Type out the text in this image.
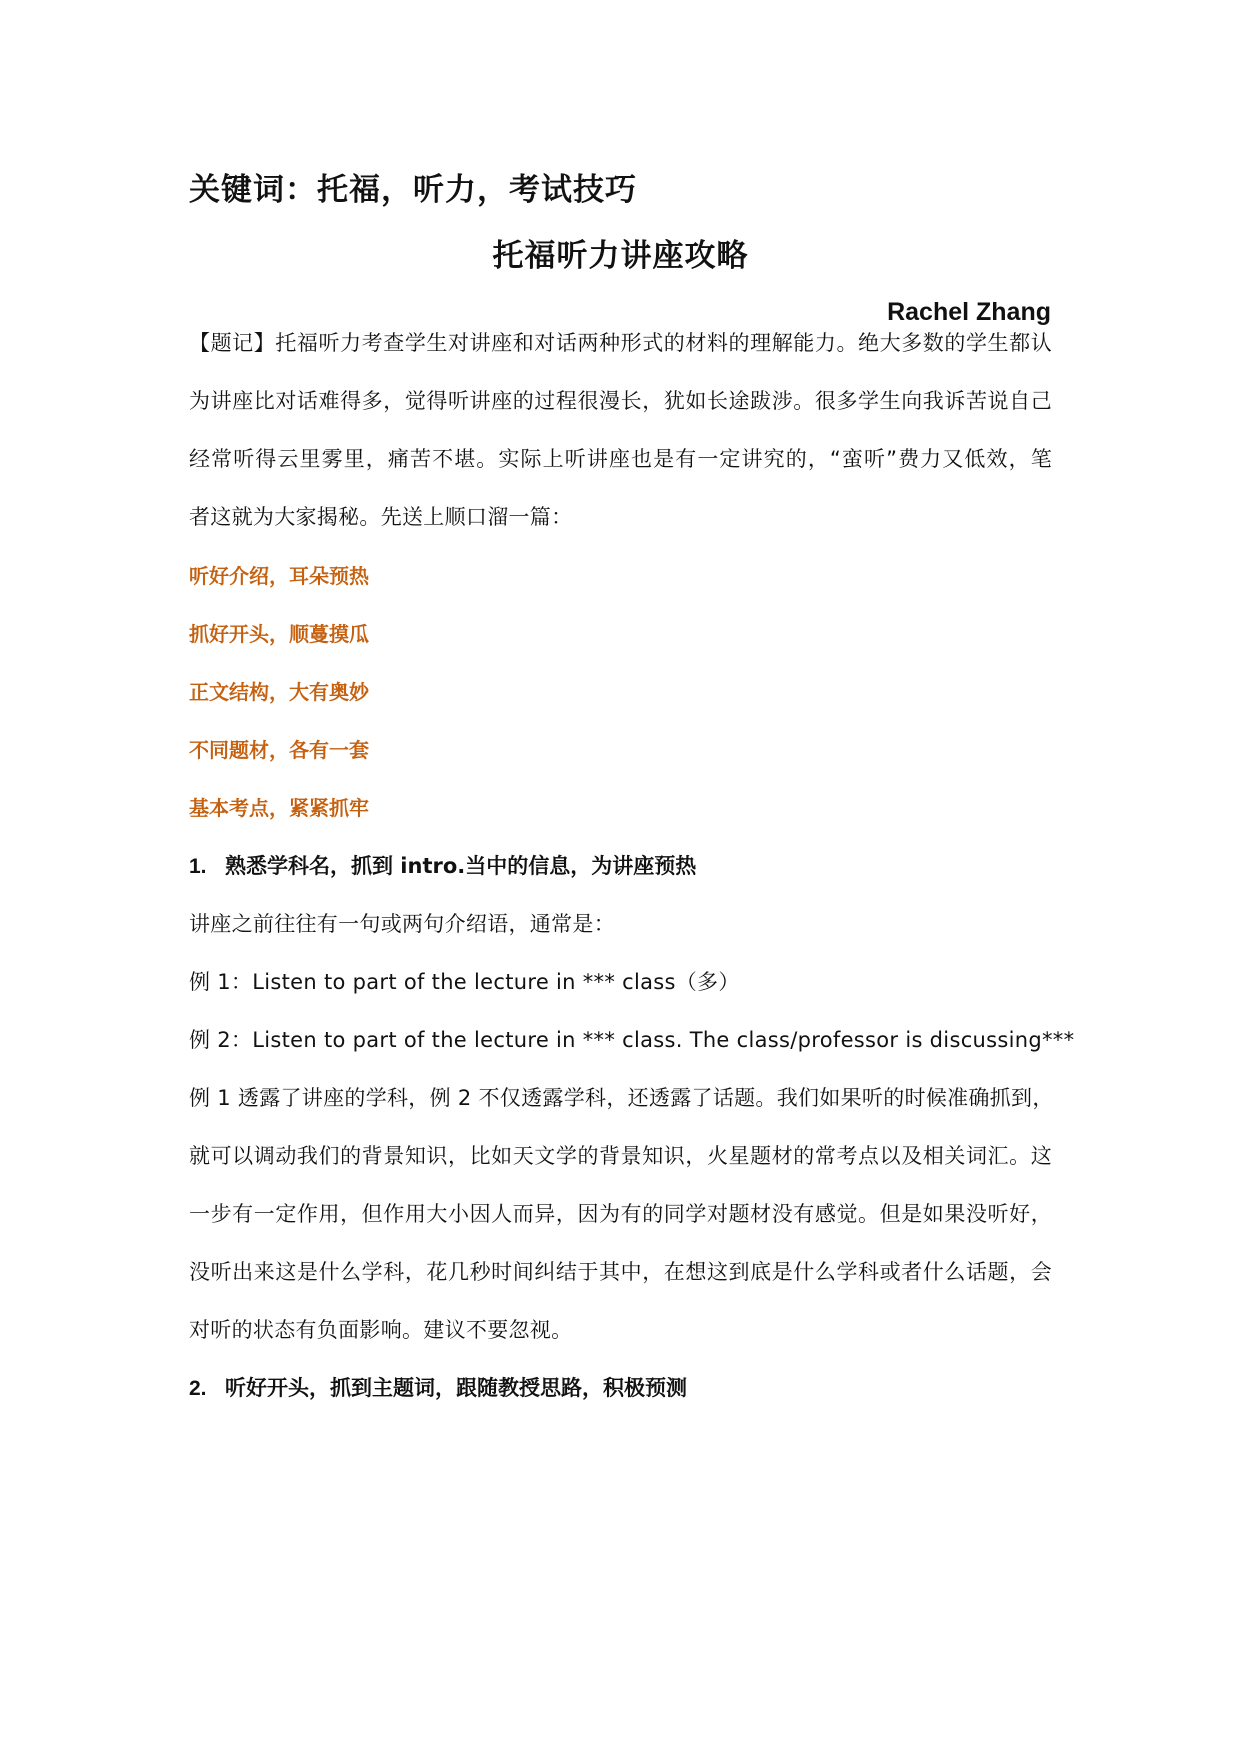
关键词：托福，听力，考试技巧
托福听力讲座攻略
Rachel Zhang
【题记】托福听力考查学生对讲座和对话两种形式的材料的理解能力。绝大多数的学生都认
为讲座比对话难得多，觉得听讲座的过程很漫长，犹如长途跋涉。很多学生向我诉苦说自己
经常听得云里雾里，痛苦不堪。实际上听讲座也是有一定讲究的，“蛮听”费力又低效，笔
者这就为大家揭秘。先送上顺口溜一篇：
听好介绍，耳朵预热
抓好开头，顺蔓摸瓜
正文结构，大有奥妙
不同题材，各有一套
基本考点，紧紧抓牢
1. 熟悉学科名，抓到 intro.当中的信息，为讲座预热
讲座之前往往有一句或两句介绍语，通常是：
例 1：Listen to part of the lecture in *** class（多）
例 2：Listen to part of the lecture in *** class. The class/professor is discussing***
例 1 透露了讲座的学科，例 2 不仅透露学科，还透露了话题。我们如果听的时候准确抓到，
就可以调动我们的背景知识，比如天文学的背景知识，火星题材的常考点以及相关词汇。这
一步有一定作用，但作用大小因人而异，因为有的同学对题材没有感觉。但是如果没听好，
没听出来这是什么学科，花几秒时间纠结于其中，在想这到底是什么学科或者什么话题，会
对听的状态有负面影响。建议不要忽视。
2. 听好开头，抓到主题词，跟随教授思路，积极预测
